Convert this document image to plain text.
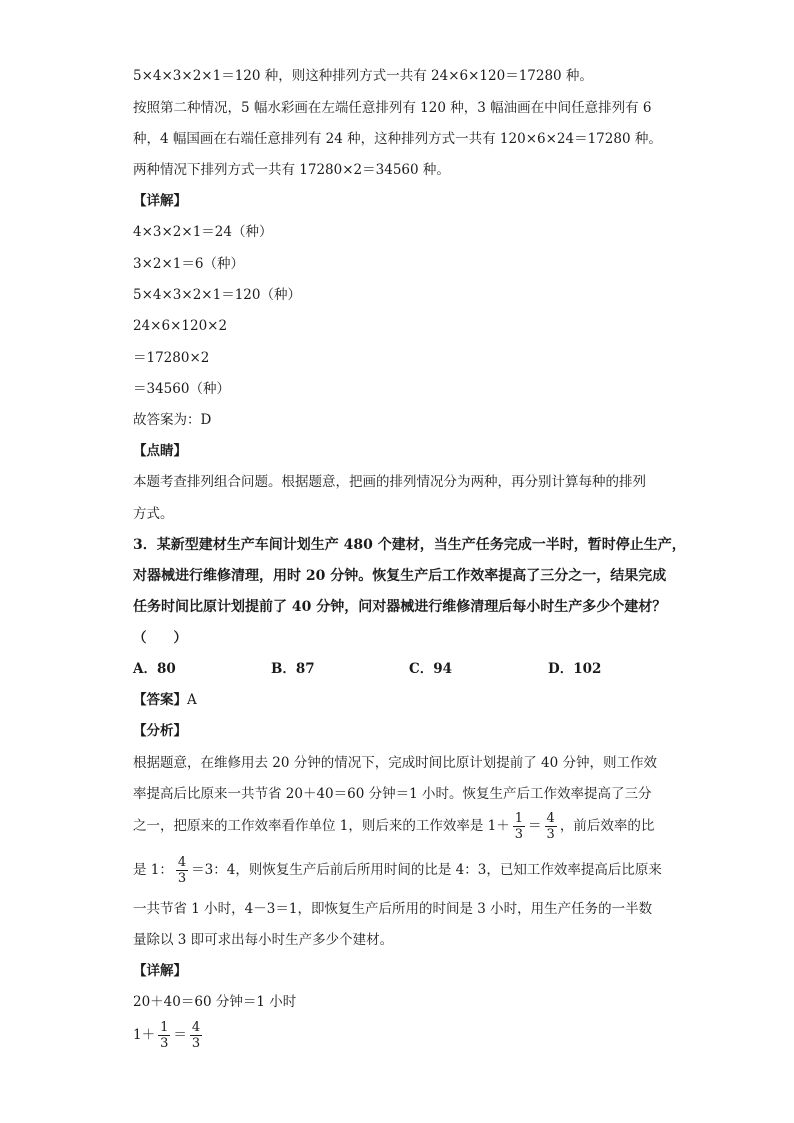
5×4×3×2×1＝120 种，则这种排列方式一共有 24×6×120＝17280 种。
按照第二种情况，5 幅水彩画在左端任意排列有 120 种，3 幅油画在中间任意排列有 6
种，4 幅国画在右端任意排列有 24 种，这种排列方式一共有 120×6×24＝17280 种。
两种情况下排列方式一共有 17280×2＝34560 种。
【详解】
4×3×2×1＝24（种）
3×2×1＝6（种）
5×4×3×2×1＝120（种）
24×6×120×2
＝17280×2
＝34560（种）
故答案为：D
【点睛】
本题考查排列组合问题。根据题意，把画的排列情况分为两种，再分别计算每种的排列
方式。
3．某新型建材生产车间计划生产 480 个建材，当生产任务完成一半时，暂时停止生产，
对器械进行维修清理，用时 20 分钟。恢复生产后工作效率提高了三分之一，结果完成
任务时间比原计划提前了 40 分钟，问对器械进行维修清理后每小时生产多少个建材？
（　　）
A．80	B．87	C．94	D．102
【答案】A
【分析】
根据题意，在维修用去 20 分钟的情况下，完成时间比原计划提前了 40 分钟，则工作效
率提高后比原来一共节省 20＋40＝60 分钟＝1 小时。恢复生产后工作效率提高了三分
之一，把原来的工作效率看作单位 1，则后来的工作效率是 $1+ \frac{1}{3} = \frac{4}{3}$ ，前后效率的比
是 1： $\frac{4}{3} =3$：4，则恢复生产后前后所用时间的比是 4：3，已知工作效率提高后比原来
一共节省 1 小时，4－3＝1，即恢复生产后所用的时间是 3 小时，用生产任务的一半数
量除以 3 即可求出每小时生产多少个建材。
【详解】
20＋40＝60 分钟＝1 小时
$1+ \frac{1}{3} = \frac{4}{3}$
